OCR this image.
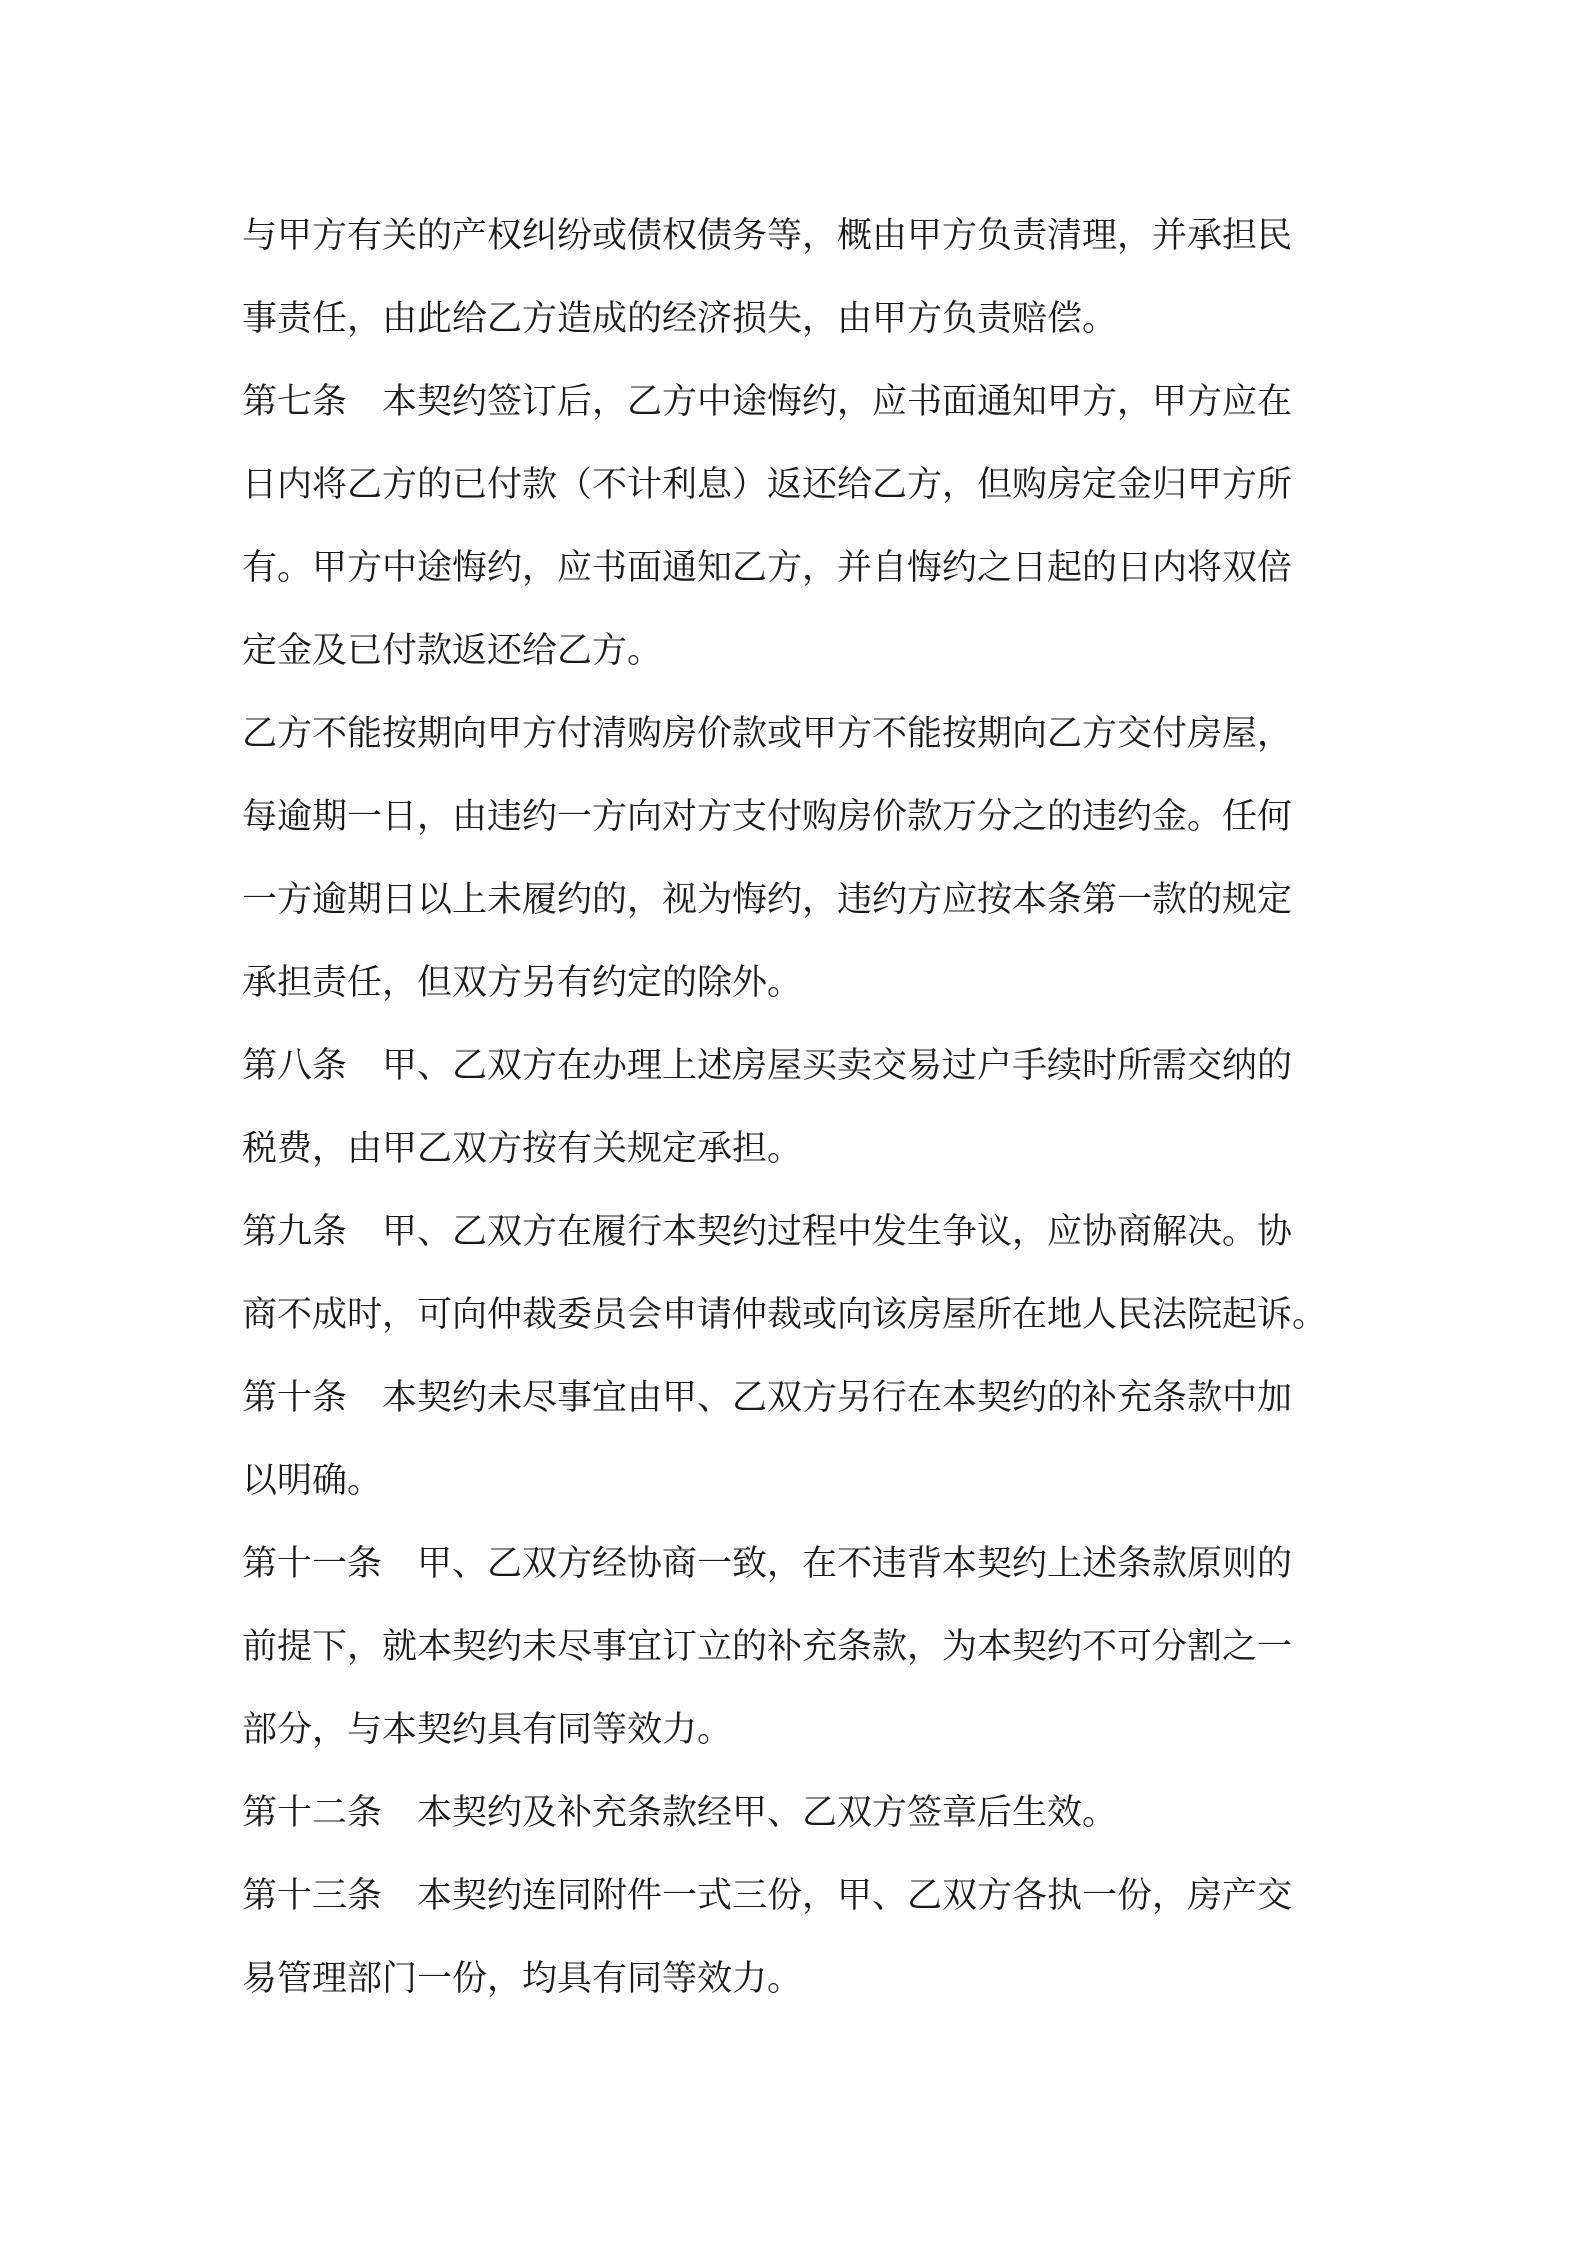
与甲方有关的产权纠纷或债权债务等，概由甲方负责清理，并承担民
事责任，由此给乙方造成的经济损失，由甲方负责赔偿。
第七条　本契约签订后，乙方中途悔约，应书面通知甲方，甲方应在
日内将乙方的已付款（不计利息）返还给乙方，但购房定金归甲方所
有。甲方中途悔约，应书面通知乙方，并自悔约之日起的日内将双倍
定金及已付款返还给乙方。
乙方不能按期向甲方付清购房价款或甲方不能按期向乙方交付房屋，
每逾期一日，由违约一方向对方支付购房价款万分之的违约金。任何
一方逾期日以上未履约的，视为悔约，违约方应按本条第一款的规定
承担责任，但双方另有约定的除外。
第八条　甲、乙双方在办理上述房屋买卖交易过户手续时所需交纳的
税费，由甲乙双方按有关规定承担。
第九条　甲、乙双方在履行本契约过程中发生争议，应协商解决。协
商不成时，可向仲裁委员会申请仲裁或向该房屋所在地人民法院起诉。
第十条　本契约未尽事宜由甲、乙双方另行在本契约的补充条款中加
以明确。
第十一条　甲、乙双方经协商一致，在不违背本契约上述条款原则的
前提下，就本契约未尽事宜订立的补充条款，为本契约不可分割之一
部分，与本契约具有同等效力。
第十二条　本契约及补充条款经甲、乙双方签章后生效。
第十三条　本契约连同附件一式三份，甲、乙双方各执一份，房产交
易管理部门一份，均具有同等效力。
